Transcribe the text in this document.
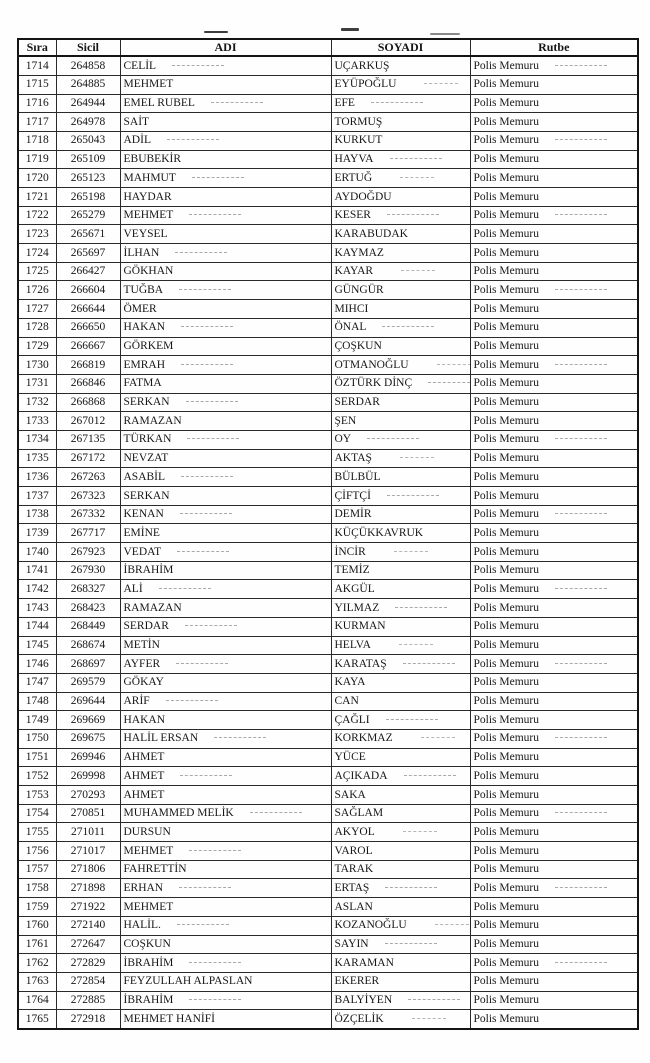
Sıra	Sicil	ADI	SOYADI	Rutbe
1714	264858	CELİL	UÇARKUŞ	Polis Memuru
1715	264885	MEHMET	EYÜPOĞLU	Polis Memuru
1716	264944	EMEL RUBEL	EFE	Polis Memuru
1717	264978	SAİT	TORMUŞ	Polis Memuru
1718	265043	ADİL	KURKUT	Polis Memuru
1719	265109	EBUBEKİR	HAYVA	Polis Memuru
1720	265123	MAHMUT	ERTUĞ	Polis Memuru
1721	265198	HAYDAR	AYDOĞDU	Polis Memuru
1722	265279	MEHMET	KESER	Polis Memuru
1723	265671	VEYSEL	KARABUDAK	Polis Memuru
1724	265697	İLHAN	KAYMAZ	Polis Memuru
1725	266427	GÖKHAN	KAYAR	Polis Memuru
1726	266604	TUĞBA	GÜNGÜR	Polis Memuru
1727	266644	ÖMER	MIHCI	Polis Memuru
1728	266650	HAKAN	ÖNAL	Polis Memuru
1729	266667	GÖRKEM	ÇOŞKUN	Polis Memuru
1730	266819	EMRAH	OTMANOĞLU	Polis Memuru
1731	266846	FATMA	ÖZTÜRK DİNÇ	Polis Memuru
1732	266868	SERKAN	SERDAR	Polis Memuru
1733	267012	RAMAZAN	ŞEN	Polis Memuru
1734	267135	TÜRKAN	OY	Polis Memuru
1735	267172	NEVZAT	AKTAŞ	Polis Memuru
1736	267263	ASABİL	BÜLBÜL	Polis Memuru
1737	267323	SERKAN	ÇİFTÇİ	Polis Memuru
1738	267332	KENAN	DEMİR	Polis Memuru
1739	267717	EMİNE	KÜÇÜKKAVRUK	Polis Memuru
1740	267923	VEDAT	İNCİR	Polis Memuru
1741	267930	İBRAHİM	TEMİZ	Polis Memuru
1742	268327	ALİ	AKGÜL	Polis Memuru
1743	268423	RAMAZAN	YILMAZ	Polis Memuru
1744	268449	SERDAR	KURMAN	Polis Memuru
1745	268674	METİN	HELVA	Polis Memuru
1746	268697	AYFER	KARATAŞ	Polis Memuru
1747	269579	GÖKAY	KAYA	Polis Memuru
1748	269644	ARİF	CAN	Polis Memuru
1749	269669	HAKAN	ÇAĞLI	Polis Memuru
1750	269675	HALİL ERSAN	KORKMAZ	Polis Memuru
1751	269946	AHMET	YÜCE	Polis Memuru
1752	269998	AHMET	AÇIKADA	Polis Memuru
1753	270293	AHMET	SAKA	Polis Memuru
1754	270851	MUHAMMED MELİK	SAĞLAM	Polis Memuru
1755	271011	DURSUN	AKYOL	Polis Memuru
1756	271017	MEHMET	VAROL	Polis Memuru
1757	271806	FAHRETTİN	TARAK	Polis Memuru
1758	271898	ERHAN	ERTAŞ	Polis Memuru
1759	271922	MEHMET	ASLAN	Polis Memuru
1760	272140	HALİL.	KOZANOĞLU	Polis Memuru
1761	272647	COŞKUN	SAYIN	Polis Memuru
1762	272829	İBRAHİM	KARAMAN	Polis Memuru
1763	272854	FEYZULLAH ALPASLAN	EKERER	Polis Memuru
1764	272885	İBRAHİM	BALYİYEN	Polis Memuru
1765	272918	MEHMET HANİFİ	ÖZÇELİK	Polis Memuru
